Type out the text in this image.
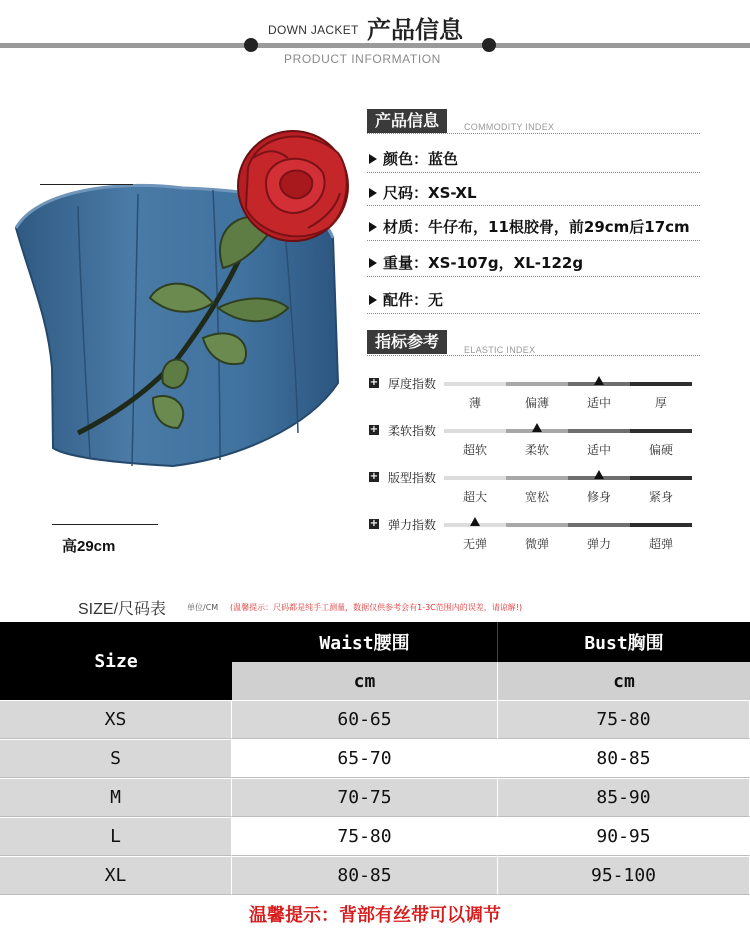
DOWN JACKET 产品信息
PRODUCT INFORMATION
高29cm
产品信息	COMMODITY INDEX
颜色： 蓝色
尺码： XS-XL
材质： 牛仔布，11根胶骨，前29cm后17cm
重量： XS-107g，XL-122g
配件： 无
指标参考	ELASTIC INDEX
+ 厚度指数
薄	偏薄	适中	厚
+ 柔软指数
超软	柔软	适中	偏硬
+ 版型指数
超大	宽松	修身	紧身
+ 弹力指数
无弹	微弹	弹力	超弹
SIZE/尺码表	单位/CM (温馨提示：尺码都是纯手工测量，数据仅供参考会有1-3C范围内的误差，请谅解!)
Size
Waist腰围	Bust胸围
cm	cm
XS	60-65	75-80
S	65-70	80-85
M	70-75	85-90
L	75-80	90-95
XL	80-85	95-100
温馨提示：背部有丝带可以调节
